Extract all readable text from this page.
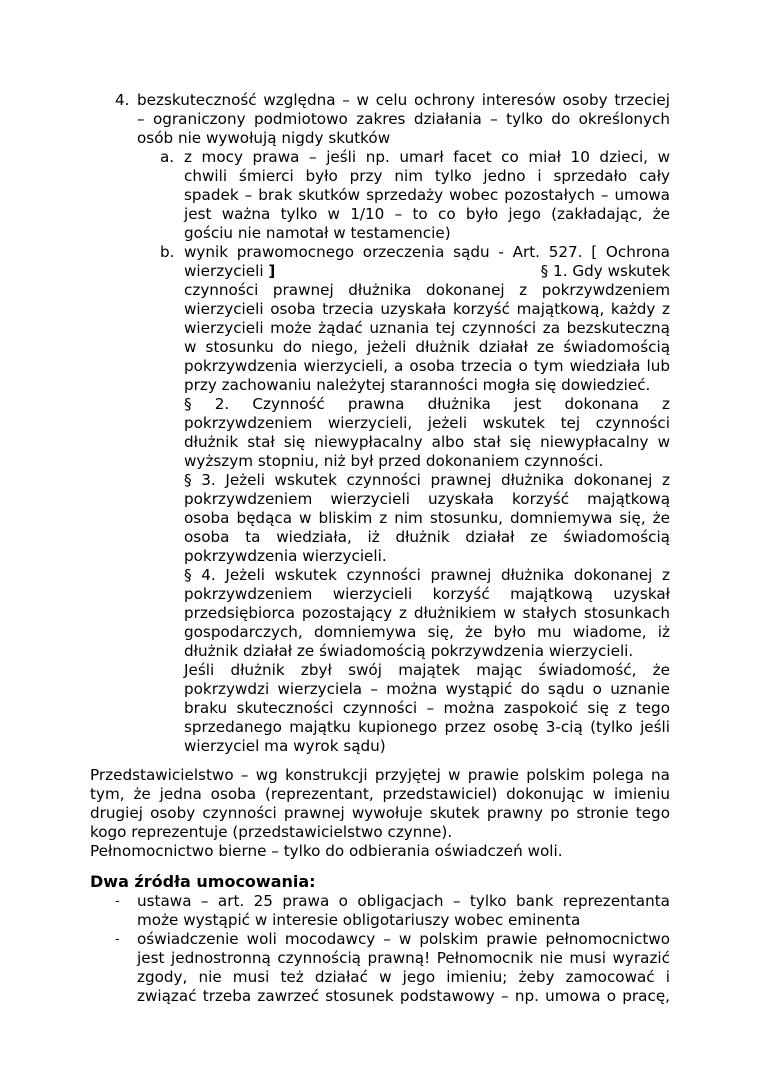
4. bezskuteczność względna – w celu ochrony interesów osoby trzeciej
– ograniczony podmiotowo zakres działania – tylko do określonych
osób nie wywołują nigdy skutków
a. z mocy prawa – jeśli np. umarł facet co miał 10 dzieci, w
chwili śmierci było przy nim tylko jedno i sprzedało cały
spadek – brak skutków sprzedaży wobec pozostałych – umowa
jest ważna tylko w 1/10 – to co było jego (zakładając, że
gościu nie namotał w testamencie)
b. wynik prawomocnego orzeczenia sądu - Art. 527. [ Ochrona
wierzycieli ]	§ 1. Gdy wskutek
czynności prawnej dłużnika dokonanej z pokrzywdzeniem
wierzycieli osoba trzecia uzyskała korzyść majątkową, każdy z
wierzycieli może żądać uznania tej czynności za bezskuteczną
w stosunku do niego, jeżeli dłużnik działał ze świadomością
pokrzywdzenia wierzycieli, a osoba trzecia o tym wiedziała lub
przy zachowaniu należytej staranności mogła się dowiedzieć.
§ 2. Czynność prawna dłużnika jest dokonana z
pokrzywdzeniem wierzycieli, jeżeli wskutek tej czynności
dłużnik stał się niewypłacalny albo stał się niewypłacalny w
wyższym stopniu, niż był przed dokonaniem czynności.
§ 3. Jeżeli wskutek czynności prawnej dłużnika dokonanej z
pokrzywdzeniem wierzycieli uzyskała korzyść majątkową
osoba będąca w bliskim z nim stosunku, domniemywa się, że
osoba ta wiedziała, iż dłużnik działał ze świadomością
pokrzywdzenia wierzycieli.
§ 4. Jeżeli wskutek czynności prawnej dłużnika dokonanej z
pokrzywdzeniem wierzycieli korzyść majątkową uzyskał
przedsiębiorca pozostający z dłużnikiem w stałych stosunkach
gospodarczych, domniemywa się, że było mu wiadome, iż
dłużnik działał ze świadomością pokrzywdzenia wierzycieli.
Jeśli dłużnik zbył swój majątek mając świadomość, że
pokrzywdzi wierzyciela – można wystąpić do sądu o uznanie
braku skuteczności czynności – można zaspokoić się z tego
sprzedanego majątku kupionego przez osobę 3-cią (tylko jeśli
wierzyciel ma wyrok sądu)
Przedstawicielstwo – wg konstrukcji przyjętej w prawie polskim polega na
tym, że jedna osoba (reprezentant, przedstawiciel) dokonując w imieniu
drugiej osoby czynności prawnej wywołuje skutek prawny po stronie tego
kogo reprezentuje (przedstawicielstwo czynne).
Pełnomocnictwo bierne – tylko do odbierania oświadczeń woli.
Dwa źródła umocowania:
- ustawa – art. 25 prawa o obligacjach – tylko bank reprezentanta
może wystąpić w interesie obligotariuszy wobec eminenta
- oświadczenie woli mocodawcy – w polskim prawie pełnomocnictwo
jest jednostronną czynnością prawną! Pełnomocnik nie musi wyrazić
zgody, nie musi też działać w jego imieniu; żeby zamocować i
związać trzeba zawrzeć stosunek podstawowy – np. umowa o pracę,
